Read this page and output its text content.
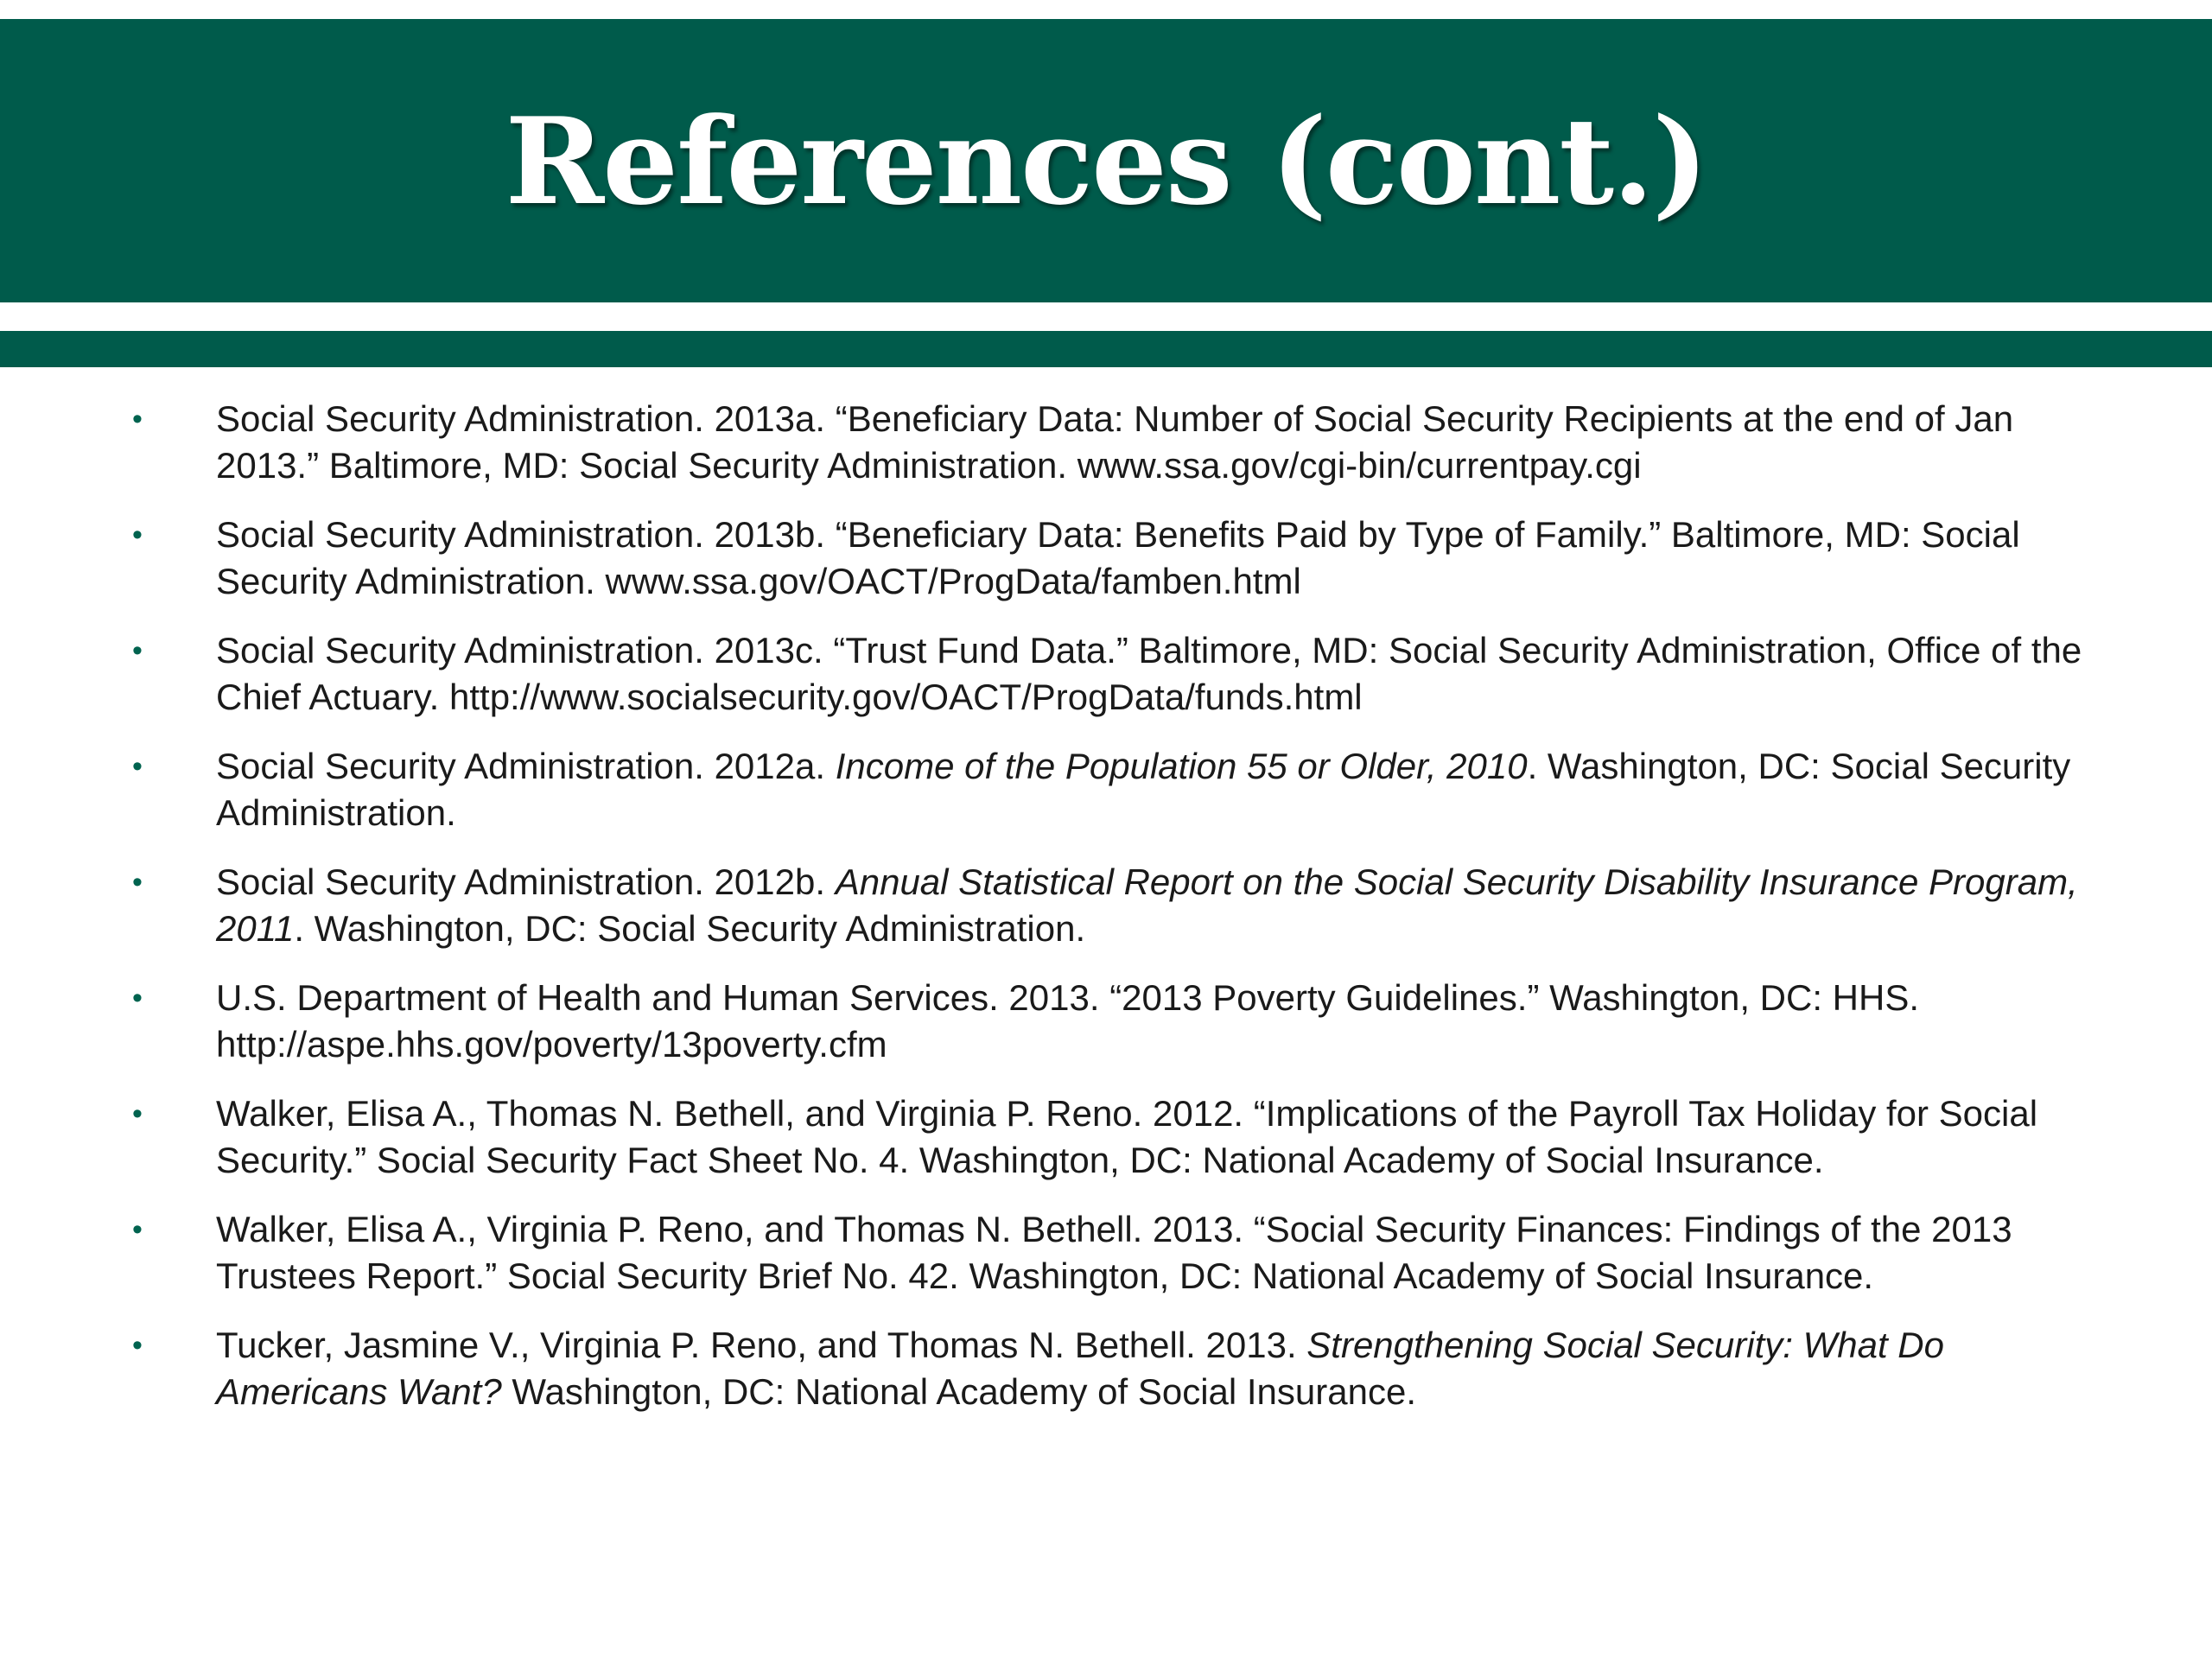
References (cont.)
• Social Security Administration. 2013a. “Beneficiary Data: Number of Social Security Recipients at the end of Jan 2013.” Baltimore, MD: Social Security Administration. www.ssa.gov/cgi-bin/currentpay.cgi
• Social Security Administration. 2013b. “Beneficiary Data: Benefits Paid by Type of Family.” Baltimore, MD: Social Security Administration. www.ssa.gov/OACT/ProgData/famben.html
• Social Security Administration. 2013c. “Trust Fund Data.” Baltimore, MD: Social Security Administration, Office of the Chief Actuary. http://www.socialsecurity.gov/OACT/ProgData/funds.html
• Social Security Administration. 2012a. Income of the Population 55 or Older, 2010. Washington, DC: Social Security Administration.
• Social Security Administration. 2012b. Annual Statistical Report on the Social Security Disability Insurance Program, 2011. Washington, DC: Social Security Administration.
• U.S. Department of Health and Human Services. 2013. “2013 Poverty Guidelines.” Washington, DC: HHS. http://aspe.hhs.gov/poverty/13poverty.cfm
• Walker, Elisa A., Thomas N. Bethell, and Virginia P. Reno. 2012. “Implications of the Payroll Tax Holiday for Social Security.” Social Security Fact Sheet No. 4. Washington, DC: National Academy of Social Insurance.
• Walker, Elisa A., Virginia P. Reno, and Thomas N. Bethell. 2013. “Social Security Finances: Findings of the 2013 Trustees Report.” Social Security Brief No. 42. Washington, DC: National Academy of Social Insurance.
• Tucker, Jasmine V., Virginia P. Reno, and Thomas N. Bethell. 2013. Strengthening Social Security: What Do Americans Want? Washington, DC: National Academy of Social Insurance.
